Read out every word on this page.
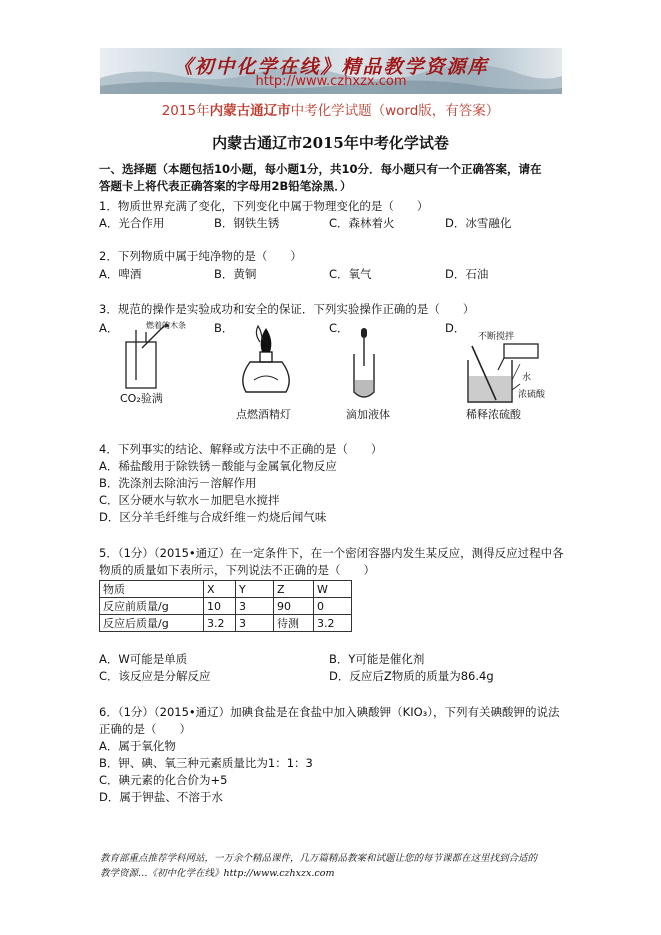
《初中化学在线》精品教学资源库
http://www.czhxzx.com
2015年内蒙古通辽市中考化学试题（word版，有答案）
内蒙古通辽市2015年中考化学试卷
一、选择题（本题包括10小题，每小题1分，共10分．每小题只有一个正确答案，请在
答题卡上将代表正确答案的字母用2B铅笔涂黑．）
1．物质世界充满了变化，下列变化中属于物理变化的是（　　）
A．光合作用	B．钢铁生锈	C．森林着火	D．冰雪融化
2．下列物质中属于纯净物的是（　　）
A．啤酒	B．黄铜	C．氧气	D．石油
3．规范的操作是实验成功和安全的保证．下列实验操作正确的是（　　）
A．	B．	C．	D．
燃着的木条
CO₂验满
点燃酒精灯	滴加液体
不断搅拌
水
浓硫酸
稀释浓硫酸
4．下列事实的结论、解释或方法中不正确的是（　　）
A．稀盐酸用于除铁锈－酸能与金属氧化物反应
B．洗涤剂去除油污－溶解作用
C．区分硬水与软水－加肥皂水搅拌
D．区分羊毛纤维与合成纤维－灼烧后闻气味
5．（1分）（2015•通辽）在一定条件下，在一个密闭容器内发生某反应，测得反应过程中各
物质的质量如下表所示，下列说法不正确的是（　　）
物质	X	Y	Z	W
反应前质量/g	10	3	90	0
反应后质量/g	3.2	3	待测	3.2
A．W可能是单质	B．Y可能是催化剂
C．该反应是分解反应	D．反应后Z物质的质量为86.4g
6．（1分）（2015•通辽）加碘食盐是在食盐中加入碘酸钾（KIO₃），下列有关碘酸钾的说法
正确的是（　　）
A．属于氧化物
B．钾、碘、氧三种元素质量比为1：1：3
C．碘元素的化合价为+5
D．属于钾盐、不溶于水
教育部重点推荐学科网站，一万余个精品课件，几万篇精品教案和试题让您的每节课都在这里找到合适的
教学资源…《初中化学在线》http://www.czhxzx.com
